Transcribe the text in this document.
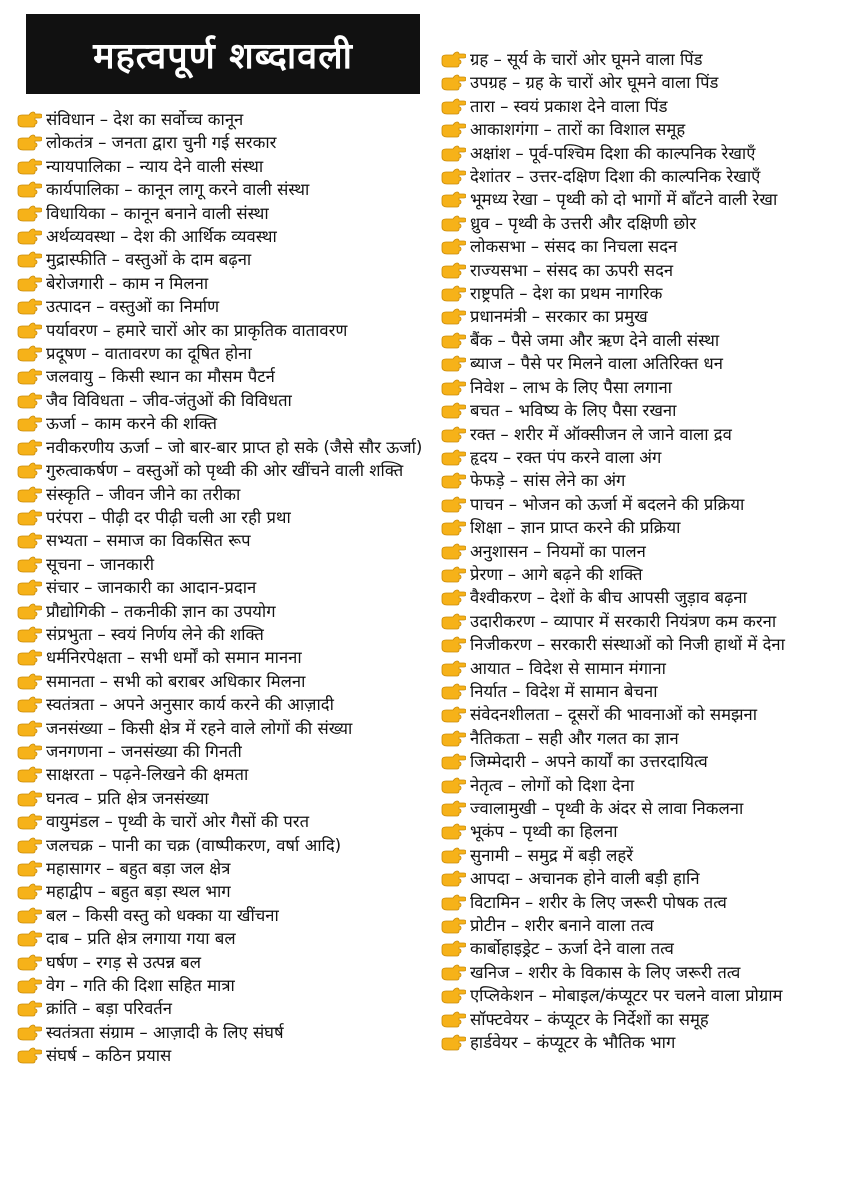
महत्वपूर्ण शब्दावली
संविधान – देश का सर्वोच्च कानून
लोकतंत्र – जनता द्वारा चुनी गई सरकार
न्यायपालिका – न्याय देने वाली संस्था
कार्यपालिका – कानून लागू करने वाली संस्था
विधायिका – कानून बनाने वाली संस्था
अर्थव्यवस्था – देश की आर्थिक व्यवस्था
मुद्रास्फीति – वस्तुओं के दाम बढ़ना
बेरोजगारी – काम न मिलना
उत्पादन – वस्तुओं का निर्माण
पर्यावरण – हमारे चारों ओर का प्राकृतिक वातावरण
प्रदूषण – वातावरण का दूषित होना
जलवायु – किसी स्थान का मौसम पैटर्न
जैव विविधता – जीव-जंतुओं की विविधता
ऊर्जा – काम करने की शक्ति
नवीकरणीय ऊर्जा – जो बार-बार प्राप्त हो सके (जैसे सौर ऊर्जा)
गुरुत्वाकर्षण – वस्तुओं को पृथ्वी की ओर खींचने वाली शक्ति
संस्कृति – जीवन जीने का तरीका
परंपरा – पीढ़ी दर पीढ़ी चली आ रही प्रथा
सभ्यता – समाज का विकसित रूप
सूचना – जानकारी
संचार – जानकारी का आदान-प्रदान
प्रौद्योगिकी – तकनीकी ज्ञान का उपयोग
संप्रभुता – स्वयं निर्णय लेने की शक्ति
धर्मनिरपेक्षता – सभी धर्मों को समान मानना
समानता – सभी को बराबर अधिकार मिलना
स्वतंत्रता – अपने अनुसार कार्य करने की आज़ादी
जनसंख्या – किसी क्षेत्र में रहने वाले लोगों की संख्या
जनगणना – जनसंख्या की गिनती
साक्षरता – पढ़ने-लिखने की क्षमता
घनत्व – प्रति क्षेत्र जनसंख्या
वायुमंडल – पृथ्वी के चारों ओर गैसों की परत
जलचक्र – पानी का चक्र (वाष्पीकरण, वर्षा आदि)
महासागर – बहुत बड़ा जल क्षेत्र
महाद्वीप – बहुत बड़ा स्थल भाग
बल – किसी वस्तु को धक्का या खींचना
दाब – प्रति क्षेत्र लगाया गया बल
घर्षण – रगड़ से उत्पन्न बल
वेग – गति की दिशा सहित मात्रा
क्रांति – बड़ा परिवर्तन
स्वतंत्रता संग्राम – आज़ादी के लिए संघर्ष
संघर्ष – कठिन प्रयास
ग्रह – सूर्य के चारों ओर घूमने वाला पिंड
उपग्रह – ग्रह के चारों ओर घूमने वाला पिंड
तारा – स्वयं प्रकाश देने वाला पिंड
आकाशगंगा – तारों का विशाल समूह
अक्षांश – पूर्व-पश्चिम दिशा की काल्पनिक रेखाएँ
देशांतर – उत्तर-दक्षिण दिशा की काल्पनिक रेखाएँ
भूमध्य रेखा – पृथ्वी को दो भागों में बाँटने वाली रेखा
ध्रुव – पृथ्वी के उत्तरी और दक्षिणी छोर
लोकसभा – संसद का निचला सदन
राज्यसभा – संसद का ऊपरी सदन
राष्ट्रपति – देश का प्रथम नागरिक
प्रधानमंत्री – सरकार का प्रमुख
बैंक – पैसे जमा और ऋण देने वाली संस्था
ब्याज – पैसे पर मिलने वाला अतिरिक्त धन
निवेश – लाभ के लिए पैसा लगाना
बचत – भविष्य के लिए पैसा रखना
रक्त – शरीर में ऑक्सीजन ले जाने वाला द्रव
हृदय – रक्त पंप करने वाला अंग
फेफड़े – सांस लेने का अंग
पाचन – भोजन को ऊर्जा में बदलने की प्रक्रिया
शिक्षा – ज्ञान प्राप्त करने की प्रक्रिया
अनुशासन – नियमों का पालन
प्रेरणा – आगे बढ़ने की शक्ति
वैश्वीकरण – देशों के बीच आपसी जुड़ाव बढ़ना
उदारीकरण – व्यापार में सरकारी नियंत्रण कम करना
निजीकरण – सरकारी संस्थाओं को निजी हाथों में देना
आयात – विदेश से सामान मंगाना
निर्यात – विदेश में सामान बेचना
संवेदनशीलता – दूसरों की भावनाओं को समझना
नैतिकता – सही और गलत का ज्ञान
जिम्मेदारी – अपने कार्यों का उत्तरदायित्व
नेतृत्व – लोगों को दिशा देना
ज्वालामुखी – पृथ्वी के अंदर से लावा निकलना
भूकंप – पृथ्वी का हिलना
सुनामी – समुद्र में बड़ी लहरें
आपदा – अचानक होने वाली बड़ी हानि
विटामिन – शरीर के लिए जरूरी पोषक तत्व
प्रोटीन – शरीर बनाने वाला तत्व
कार्बोहाइड्रेट – ऊर्जा देने वाला तत्व
खनिज – शरीर के विकास के लिए जरूरी तत्व
एप्लिकेशन – मोबाइल/कंप्यूटर पर चलने वाला प्रोग्राम
सॉफ्टवेयर – कंप्यूटर के निर्देशों का समूह
हार्डवेयर – कंप्यूटर के भौतिक भाग
